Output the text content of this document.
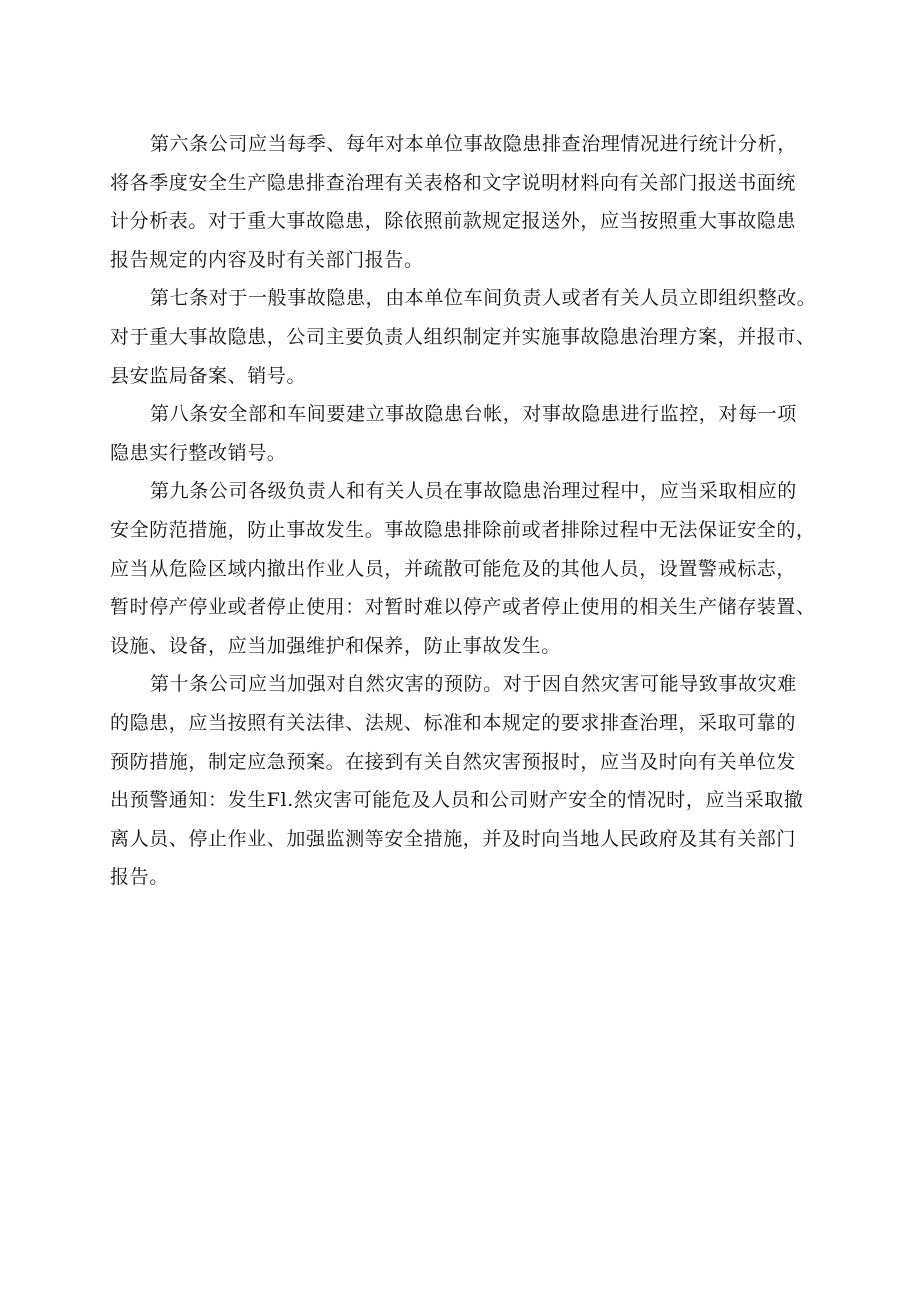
第六条公司应当每季、每年对本单位事故隐患排查治理情况进行统计分析，
将各季度安全生产隐患排查治理有关表格和文字说明材料向有关部门报送书面统
计分析表。对于重大事故隐患，除依照前款规定报送外，应当按照重大事故隐患
报告规定的内容及时有关部门报告。

第七条对于一般事故隐患，由本单位车间负责人或者有关人员立即组织整改。
对于重大事故隐患，公司主要负责人组织制定并实施事故隐患治理方案，并报市、
县安监局备案、销号。

第八条安全部和车间要建立事故隐患台帐，对事故隐患进行监控，对每一项
隐患实行整改销号。

第九条公司各级负责人和有关人员在事故隐患治理过程中，应当采取相应的
安全防范措施，防止事故发生。事故隐患排除前或者排除过程中无法保证安全的，
应当从危险区域内撤出作业人员，并疏散可能危及的其他人员，设置警戒标志，
暂时停产停业或者停止使用：对暂时难以停产或者停止使用的相关生产储存装置、
设施、设备，应当加强维护和保养，防止事故发生。

第十条公司应当加强对自然灾害的预防。对于因自然灾害可能导致事故灾难
的隐患，应当按照有关法律、法规、标准和本规定的要求排查治理，采取可靠的
预防措施，制定应急预案。在接到有关自然灾害预报时，应当及时向有关单位发
出预警通知：发生Fl.然灾害可能危及人员和公司财产安全的情况时，应当采取撤
离人员、停止作业、加强监测等安全措施，并及时向当地人民政府及其有关部门
报告。
